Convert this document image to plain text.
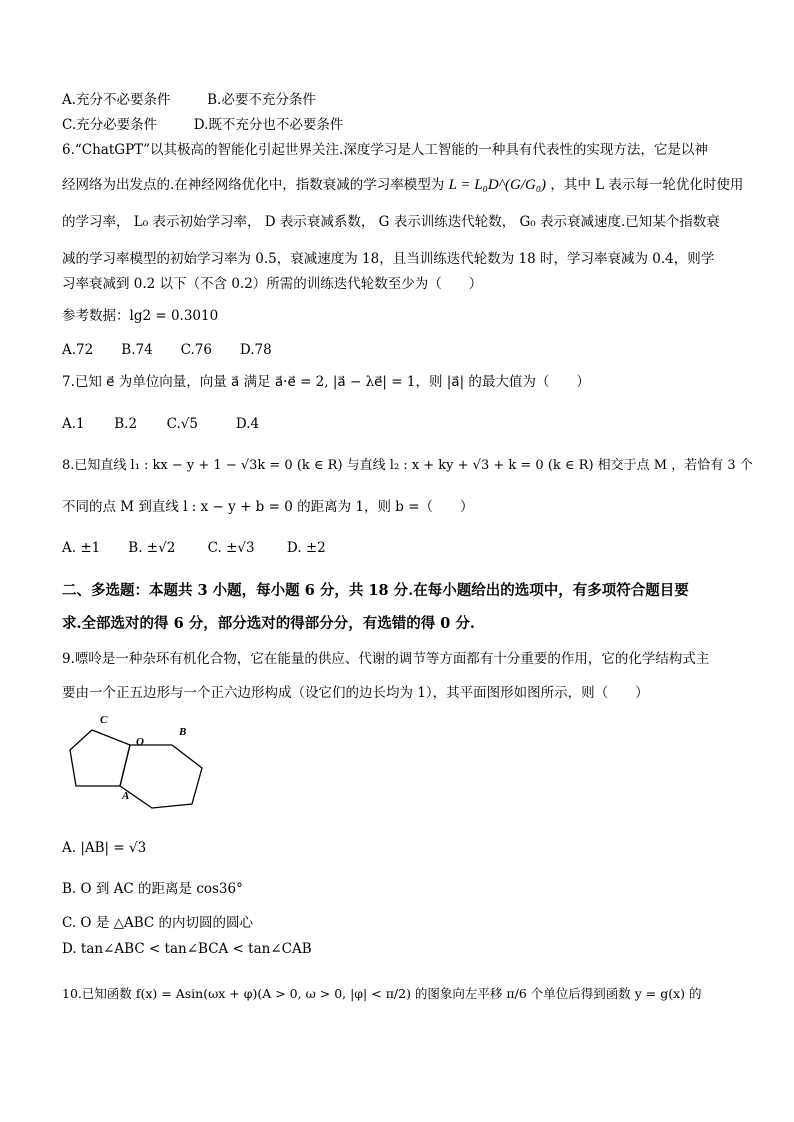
A.充分不必要条件	B.必要不充分条件
C.充分必要条件	D.既不充分也不必要条件
6.“ChatGPT”以其极高的智能化引起世界关注.深度学习是人工智能的一种具有代表性的实现方法，它是以神
经网络为出发点的.在神经网络优化中，指数衰减的学习率模型为 L = L₀D^(G/G₀) ，其中 L 表示每一轮优化时使用
的学习率， L₀ 表示初始学习率， D 表示衰减系数， G 表示训练迭代轮数， G₀ 表示衰减速度.已知某个指数衰
减的学习率模型的初始学习率为 0.5，衰减速度为 18，且当训练迭代轮数为 18 时，学习率衰减为 0.4，则学
习率衰减到 0.2 以下（不含 0.2）所需的训练迭代轮数至少为（　　）
参考数据：lg2 = 0.3010
A.72 B.74 C.76 D.78
7.已知 e⃗ 为单位向量，向量 a⃗ 满足 a⃗·e⃗ = 2, |a⃗ − λe⃗| = 1，则 |a⃗| 的最大值为（　　）
A.1 B.2 C.√5	D.4
8.已知直线 l₁ : kx − y + 1 − √3k = 0 (k ∈ R) 与直线 l₂ : x + ky + √3 + k = 0 (k ∈ R) 相交于点 M ，若恰有 3 个
不同的点 M 到直线 l : x − y + b = 0 的距离为 1，则 b =（　　）
A. ±1 B. ±√2 C. ±√3 D. ±2
二、多选题：本题共 3 小题，每小题 6 分，共 18 分.在每小题给出的选项中，有多项符合题目要
求.全部选对的得 6 分，部分选对的得部分分，有选错的得 0 分.
9.嘌呤是一种杂环有机化合物，它在能量的供应、代谢的调节等方面都有十分重要的作用，它的化学结构式主
要由一个正五边形与一个正六边形构成（设它们的边长均为 1），其平面图形如图所示，则（　　）
C
O
B
A
A. |AB| = √3
B. O 到 AC 的距离是 cos36°
C. O 是 △ABC 的内切圆的圆心
D. tan∠ABC < tan∠BCA < tan∠CAB
10.已知函数 f(x) = Asin(ωx + φ)(A > 0, ω > 0, |φ| < π/2) 的图象向左平移 π/6 个单位后得到函数 y = g(x) 的
